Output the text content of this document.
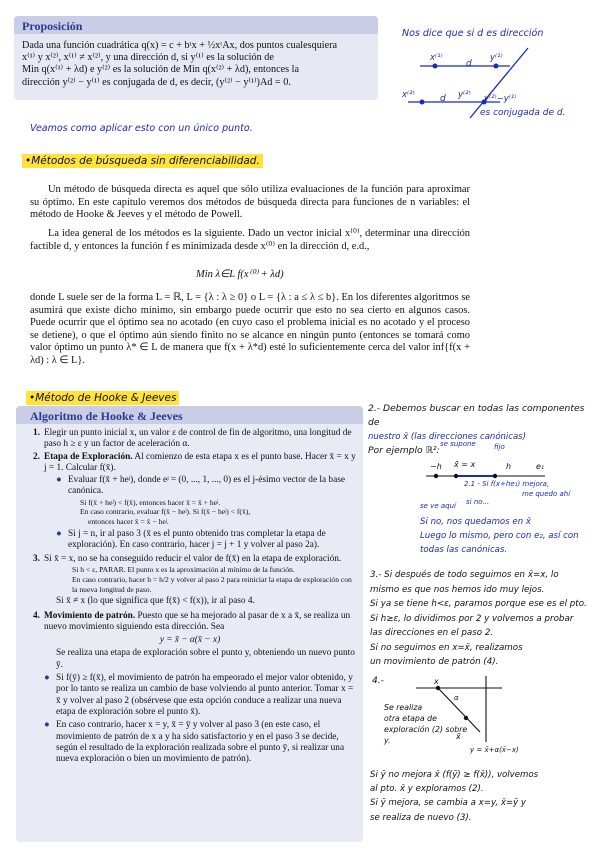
Proposición
Dada una función cuadrática q(x) = c + bᵗx + ½xᵗAx, dos puntos cualesquiera
x⁽¹⁾ y x⁽²⁾, x⁽¹⁾ ≠ x⁽²⁾, y una dirección d, si y⁽¹⁾ es la solución de
Min q(x⁽¹⁾ + λd) e y⁽²⁾ es la solución de Min q(x⁽²⁾ + λd), entonces la
dirección y⁽²⁾ − y⁽¹⁾ es conjugada de d, es decir, (y⁽²⁾ − y⁽¹⁾)Ad = 0.
Nos dice que si d es dirección
x⁽¹⁾
d
y⁽¹⁾
x⁽²⁾	d y⁽²⁾ y⁽²⁾−y⁽¹⁾
es conjugada de d.
Veamos como aplicar esto con un único punto.
•Métodos de búsqueda sin diferenciabilidad.
Un método de búsqueda directa es aquel que sólo utiliza evaluaciones de la función para aproximar su óptimo. En este capítulo veremos dos métodos de búsqueda directa para funciones de n variables: el método de Hooke & Jeeves y el método de Powell.
La idea general de los métodos es la siguiente. Dado un vector inicial x⁽⁰⁾, determinar una dirección factible d, y entonces la función f es minimizada desde x⁽⁰⁾ en la dirección d, e.d.,
Min λ∈L f(x⁽⁰⁾ + λd)
donde L suele ser de la forma L = ℝ, L = {λ : λ ≥ 0} o L = {λ : a ≤ λ ≤ b}. En los diferentes algoritmos se asumirá que existe dicho mínimo, sin embargo puede ocurrir que esto no sea cierto en algunos casos. Puede ocurrir que el óptimo sea no acotado (en cuyo caso el problema inicial es no acotado y el proceso se detiene), o que el óptimo aún siendo finito no se alcance en ningún punto (entonces se tomará como valor óptimo un punto λ* ∈ L de manera que f(x + λ*d) esté lo suficientemente cerca del valor inf{f(x + λd) : λ ∈ L}.
•Método de Hooke & Jeeves
Algoritmo de Hooke & Jeeves
1. Elegir un punto inicial x, un valor ε de control de fin de algoritmo, una longitud de paso h ≥ ε y un factor de aceleración α.
2. Etapa de Exploración. Al comienzo de esta etapa x es el punto base. Hacer x̄ = x y j = 1. Calcular f(x̄).
● Evaluar f(x̄ + heʲ), donde eʲ = (0, ..., 1, ..., 0) es el j-ésimo vector de la base canónica.
Si f(x̄ + heʲ) < f(x̄), entonces hacer x̄ = x̄ + heʲ.
En caso contrario, evaluar f(x̄ − heʲ). Si f(x̄ − heʲ) < f(x̄),
entonces hacer x̄ = x̄ − heʲ.
● Si j = n, ir al paso 3 (x̄ es el punto obtenido tras completar la etapa de exploración). En caso contrario, hacer j = j + 1 y volver al paso 2a).
3. Si x̄ = x, no se ha conseguido reducir el valor de f(x̄) en la etapa de exploración.
Si h < ε, PARAR. El punto x es la aproximación al mínimo de la función.
En caso contrario, hacer h = h/2 y volver al paso 2 para reiniciar la etapa de exploración con la nueva longitud de paso.
Si x̄ ≠ x (lo que significa que f(x̄) < f(x)), ir al paso 4.
4. Movimiento de patrón. Puesto que se ha mejorado al pasar de x a x̄, se realiza un nuevo movimiento siguiendo esta dirección. Sea
y = x̄ − α(x̄ − x)
Se realiza una etapa de exploración sobre el punto y, obteniendo un nuevo punto ȳ.
● Si f(ȳ) ≥ f(x̄), el movimiento de patrón ha empeorado el mejor valor obtenido, y por lo tanto se realiza un cambio de base volviendo al punto anterior. Tomar x = x̄ y volver al paso 2 (obsérvese que esta opción conduce a realizar una nueva etapa de exploración sobre el punto x̄).
● En caso contrario, hacer x = y, x̄ = ȳ y volver al paso 3 (en este caso, el movimiento de patrón de x a y ha sido satisfactorio y en el paso 3 se decide, según el resultado de la exploración realizada sobre el punto ȳ, si realizar una nueva exploración o bien un movimiento de patrón).
2.- Debemos buscar en todas las componentes de
nuestro x̄ (las direcciones canónicas)
Por ejemplo ℝ²:
se supone	fijo
−h x̄ = x	h	e₁
2.1 - Si f(x+he₁) mejora,
me quedo ahí
se ve aquí si no...
Si no, nos quedamos en x̄
Luego lo mismo, pero con e₂, así con
todas las canónicas.
3.- Si después de todo seguimos en x̄=x, lo
mismo es que nos hemos ido muy lejos.
Si ya se tiene h<ε, paramos porque ese es el pto.
Si h≥ε, lo dividimos por 2 y volvemos a probar
las direcciones en el paso 2.
Si no seguimos en x=x̄, realizamos
un movimiento de patrón (4).
4.-	x
α
x̄
y = x̄+α(x̄−x)
Se realiza
otra etapa de
exploración (2) sobre y.
Si ȳ no mejora x̄ (f(ȳ) ≥ f(x̄)), volvemos
al pto. x̄ y exploramos (2).
Si ȳ mejora, se cambia a x=y, x̄=ȳ y
se realiza de nuevo (3).
